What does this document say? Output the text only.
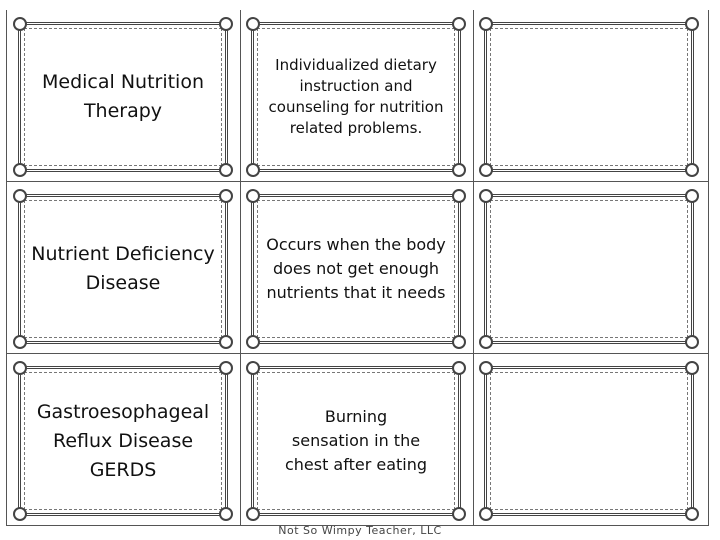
Medical Nutrition
Therapy
Individualized dietary
instruction and
counseling for nutrition
related problems.
Nutrient Deficiency
Disease
Occurs when the body
does not get enough
nutrients that it needs
Gastroesophageal
Reflux Disease
GERDS
Burning
sensation in the
chest after eating
Not So Wimpy Teacher, LLC
